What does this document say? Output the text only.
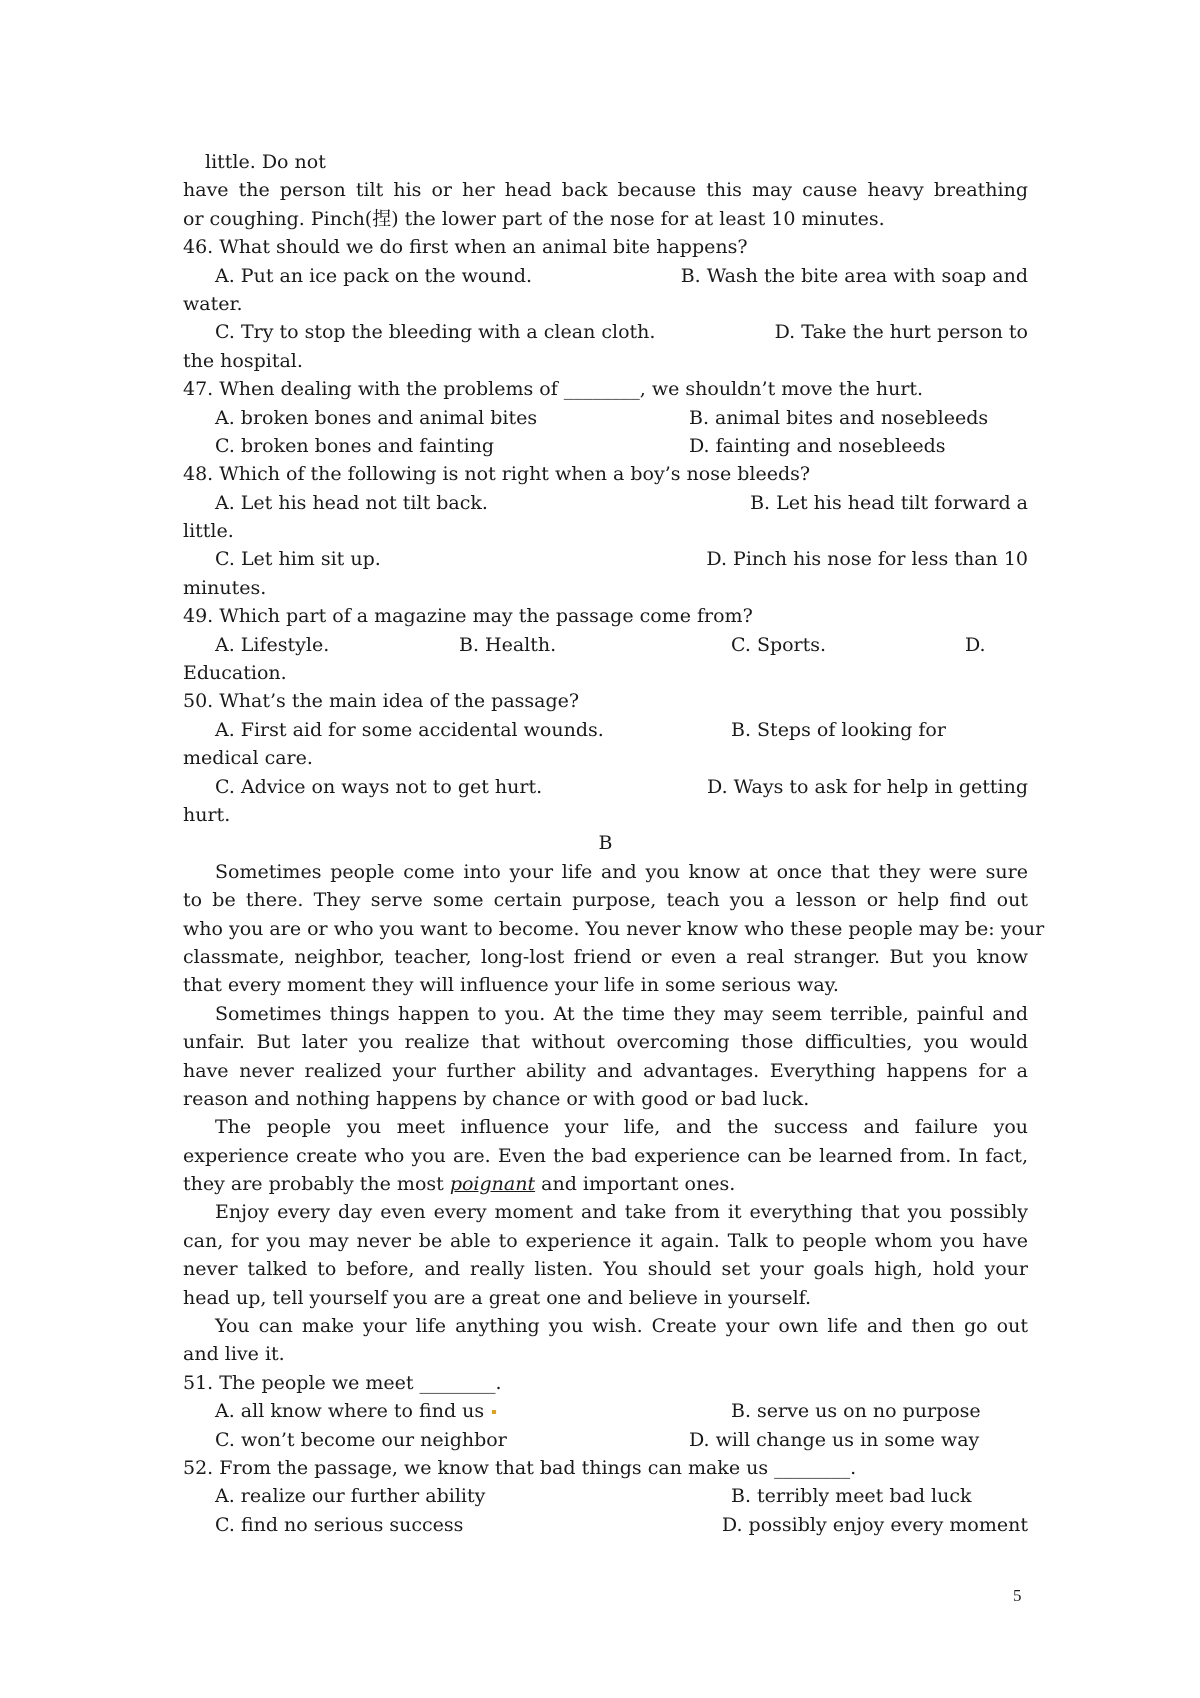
little. Do not
have the person tilt his or her head back because this may cause heavy breathing
or coughing. Pinch(捏) the lower part of the nose for at least 10 minutes.
46. What should we do first when an animal bite happens?
A. Put an ice pack on the wound.	B. Wash the bite area with soap and
water.
C. Try to stop the bleeding with a clean cloth.	D. Take the hurt person to
the hospital.
47. When dealing with the problems of ________, we shouldn’t move the hurt.
A. broken bones and animal bites	B. animal bites and nosebleeds
C. broken bones and fainting	D. fainting and nosebleeds
48. Which of the following is not right when a boy’s nose bleeds?
A. Let his head not tilt back.	B. Let his head tilt forward a
little.
C. Let him sit up.	D. Pinch his nose for less than 10
minutes.
49. Which part of a magazine may the passage come from?
A. Lifestyle.	B. Health.	C. Sports.	D.
Education.
50. What’s the main idea of the passage?
A. First aid for some accidental wounds.	B. Steps of looking for
medical care.
C. Advice on ways not to get hurt.	D. Ways to ask for help in getting
hurt.
B
Sometimes people come into your life and you know at once that they were sure
to be there. They serve some certain purpose, teach you a lesson or help find out
who you are or who you want to become. You never know who these people may be: your
classmate, neighbor, teacher, long-lost friend or even a real stranger. But you know
that every moment they will influence your life in some serious way.
Sometimes things happen to you. At the time they may seem terrible, painful and
unfair. But later you realize that without overcoming those difficulties, you would
have never realized your further ability and advantages. Everything happens for a
reason and nothing happens by chance or with good or bad luck.
The people you meet influence your life, and the success and failure you
experience create who you are. Even the bad experience can be learned from. In fact,
they are probably the most poignant and important ones.
Enjoy every day even every moment and take from it everything that you possibly
can, for you may never be able to experience it again. Talk to people whom you have
never talked to before, and really listen. You should set your goals high, hold your
head up, tell yourself you are a great one and believe in yourself.
You can make your life anything you wish. Create your own life and then go out
and live it.
51. The people we meet ________.
A. all know where to find us	B. serve us on no purpose
C. won’t become our neighbor	D. will change us in some way
52. From the passage, we know that bad things can make us ________.
A. realize our further ability	B. terribly meet bad luck
C. find no serious success	D. possibly enjoy every moment
5
